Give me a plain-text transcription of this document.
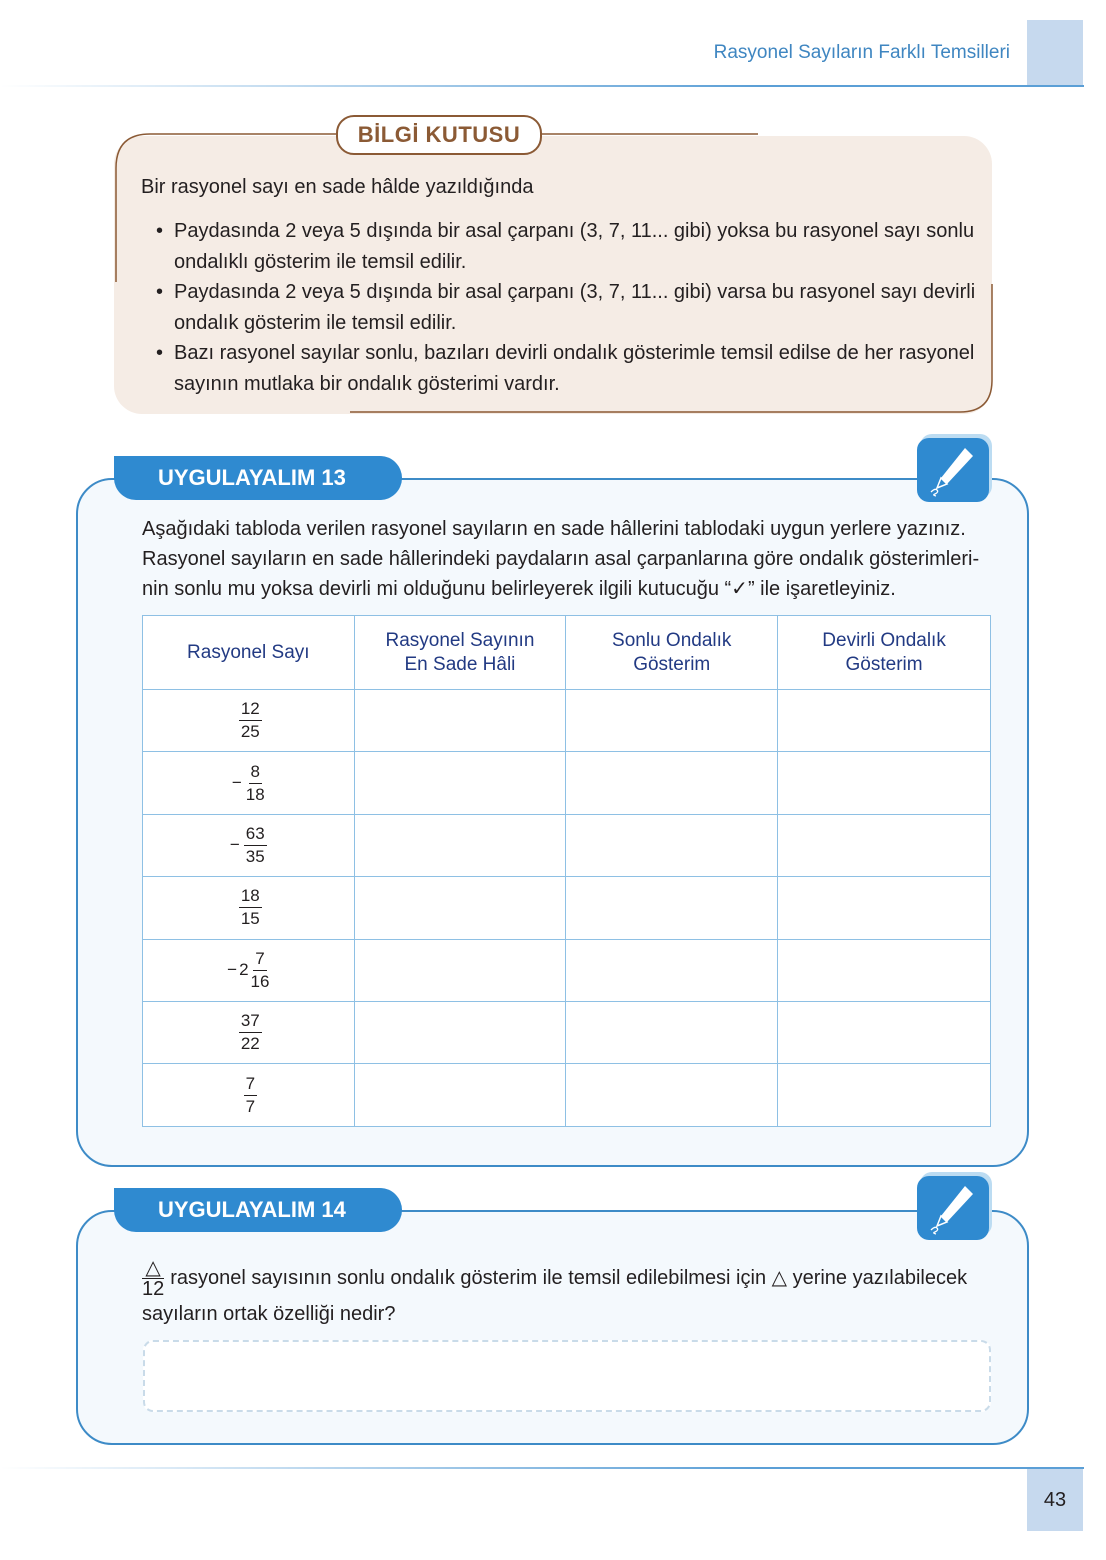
Rasyonel Sayıların Farklı Temsilleri
BİLGİ KUTUSU
Bir rasyonel sayı en sade hâlde yazıldığında
• Paydasında 2 veya 5 dışında bir asal çarpanı (3, 7, 11... gibi) yoksa bu rasyonel sayı sonlu ondalıklı gösterim ile temsil edilir.
• Paydasında 2 veya 5 dışında bir asal çarpanı (3, 7, 11... gibi) varsa bu rasyonel sayı devirli ondalık gösterim ile temsil edilir.
• Bazı rasyonel sayılar sonlu, bazıları devirli ondalık gösterimle temsil edilse de her rasyonel sayının mutlaka bir ondalık gösterimi vardır.
UYGULAYALIM 13
Aşağıdaki tabloda verilen rasyonel sayıların en sade hâllerini tablodaki uygun yerlere yazınız. Rasyonel sayıların en sade hâllerindeki paydaların asal çarpanlarına göre ondalık gösterimleri-nin sonlu mu yoksa devirli mi olduğunu belirleyerek ilgili kutucuğu “✓” ile işaretleyiniz.
Rasyonel Sayı	Rasyonel Sayının En Sade Hâli	Sonlu Ondalık Gösterim	Devirli Ondalık Gösterim

$\frac{12}{25}$

− $\frac{8}{18}$

− $\frac{63}{35}$

$\frac{18}{15}$

− $2 \frac{7}{16}$

$\frac{37}{22}$

$\frac{7}{7}$

UYGULAYALIM 14
$\frac{\triangle}{12}$ rasyonel sayısının sonlu ondalık gösterim ile temsil edilebilmesi için △ yerine yazılabilecek sayıların ortak özelliği nedir?
43
